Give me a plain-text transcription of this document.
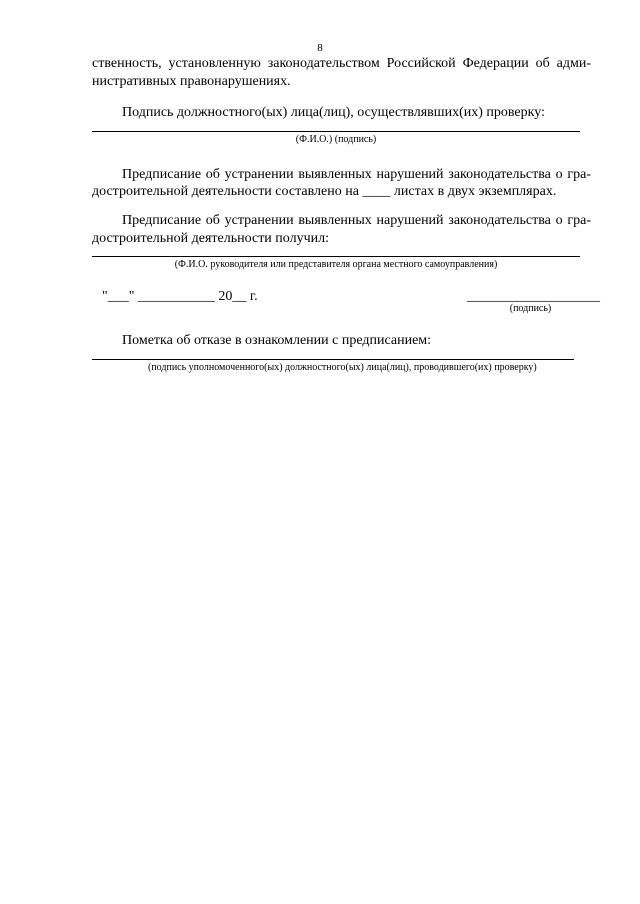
8
ственность, установленную законодательством Российской Федерации об адми-
нистративных правонарушениях.
Подпись должностного(ых) лица(лиц), осуществлявших(их) проверку:
(Ф.И.О.) (подпись)
Предписание об устранении выявленных нарушений законодательства о гра-
достроительной деятельности составлено на ____ листах в двух экземплярах.
Предписание об устранении выявленных нарушений законодательства о гра-
достроительной деятельности получил:
(Ф.И.О. руководителя или представителя органа местного самоуправления)
"___" ___________ 20__ г.	___________________
(подпись)
Пометка об отказе в ознакомлении с предписанием:
(подпись уполномоченного(ых) должностного(ых) лица(лиц), проводившего(их) проверку)
